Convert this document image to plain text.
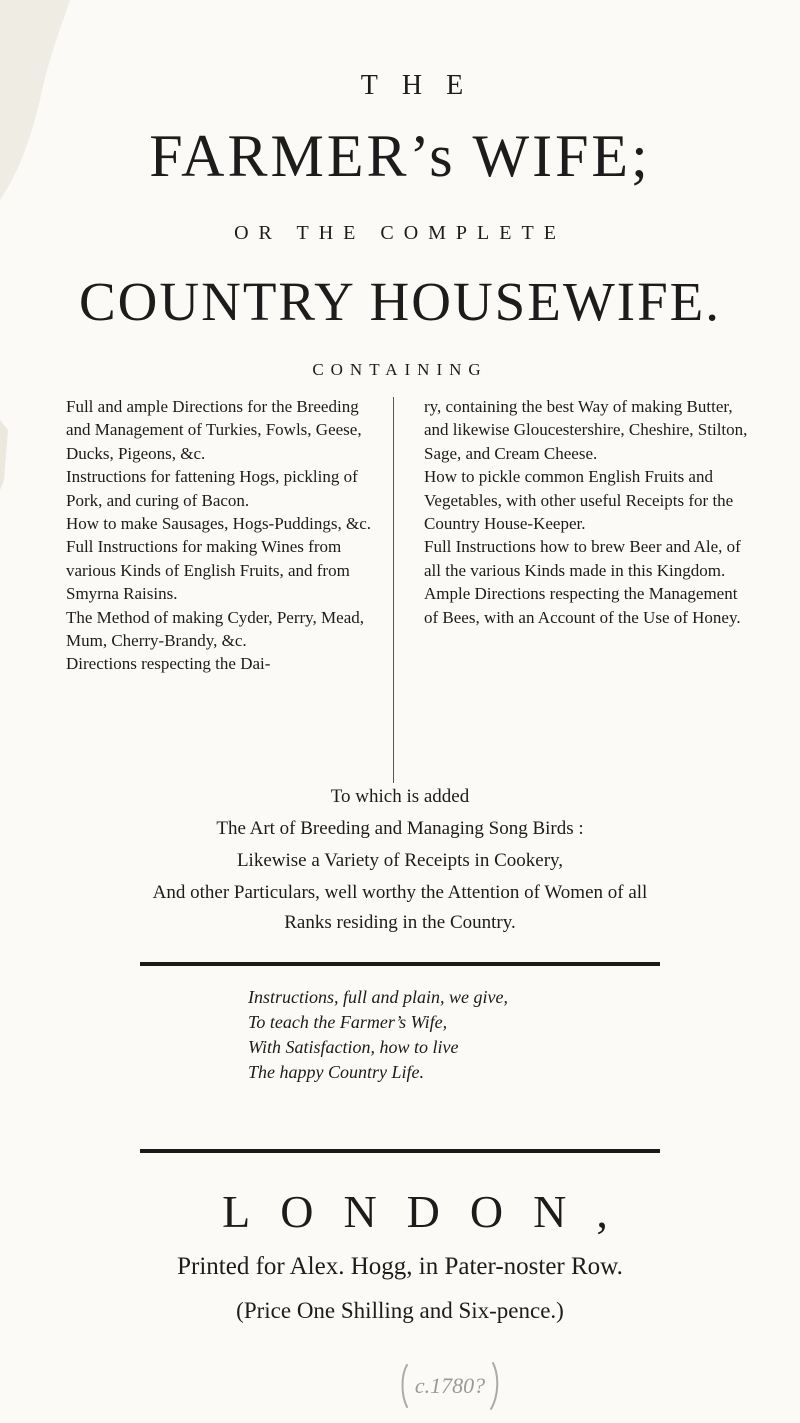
THE
FARMER’s WIFE;
OR THE COMPLETE
COUNTRY HOUSEWIFE.
CONTAINING

Full and ample Directions for the Breeding and Management of Turkies, Fowls, Geese, Ducks, Pigeons, &c.

Instructions for fattening Hogs, pickling of Pork, and curing of Bacon.

How to make Sausages, Hogs-Puddings, &c.

Full Instructions for making Wines from various Kinds of English Fruits, and from Smyrna Raisins.

The Method of making Cyder, Perry, Mead, Mum, Cherry-Brandy, &c.

Directions respecting the Dai-

ry, containing the best Way of making Butter, and likewise Gloucestershire, Cheshire, Stilton, Sage, and Cream Cheese.

How to pickle common English Fruits and Vegetables, with other useful Receipts for the Country House-Keeper.

Full Instructions how to brew Beer and Ale, of all the various Kinds made in this Kingdom.

Ample Directions respecting the Management of Bees, with an Account of the Use of Honey.

To which is added
The Art of Breeding and Managing Song Birds :
Likewise a Variety of Receipts in Cookery,
And other Particulars, well worthy the Attention of Women of all
Ranks residing in the Country.
Instructions, full and plain, we give,
To teach the Farmer’s Wife,
With Satisfaction, how to live
The happy Country Life.
LONDON,
Printed for Alex. Hogg, in Pater-noster Row.
(Price One Shilling and Six-pence.)
c.1780?
